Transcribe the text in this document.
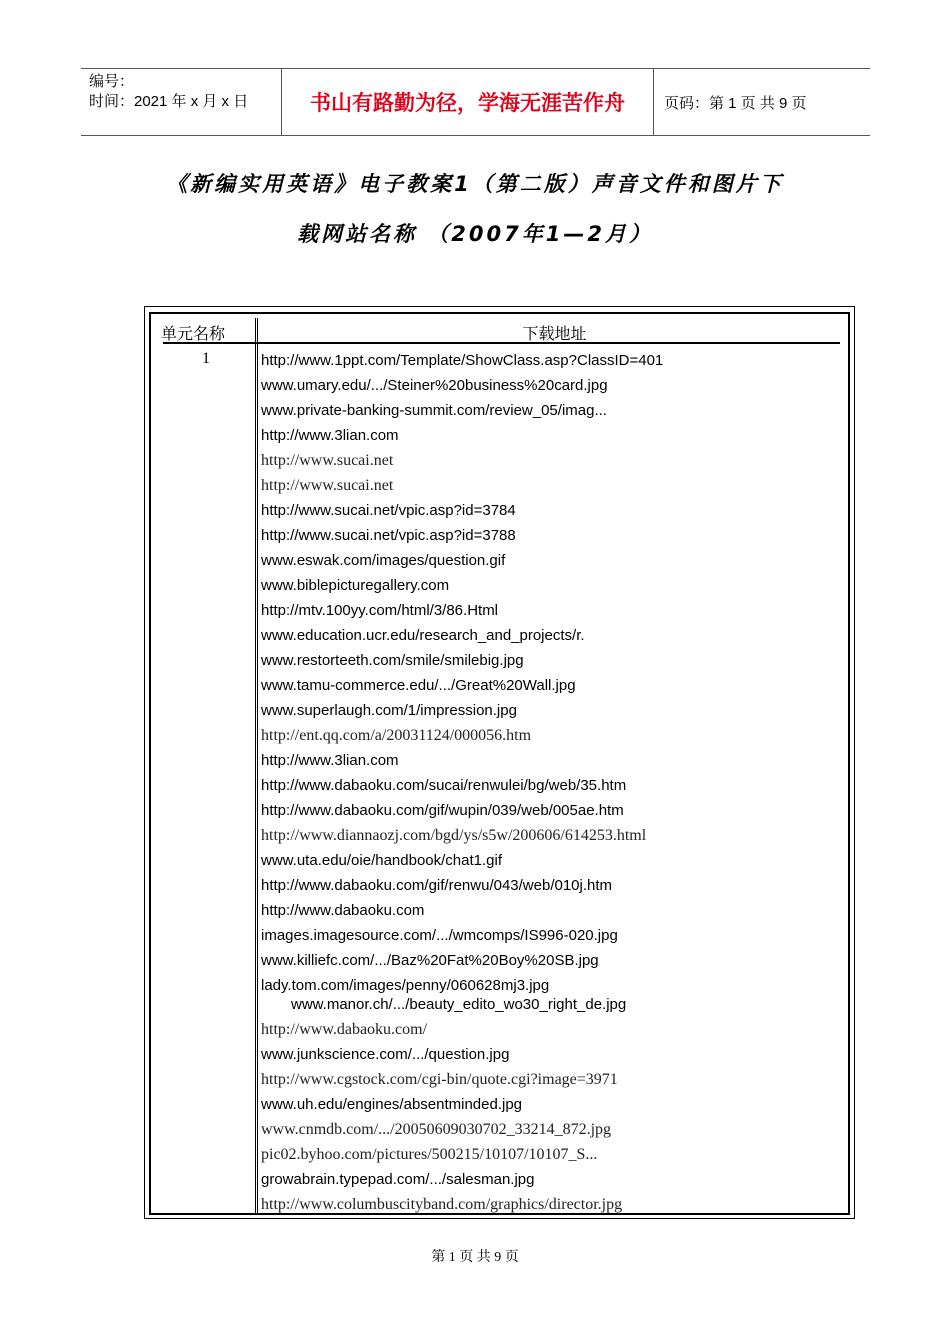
编号：
时间：2021 年 x 月 x 日	书山有路勤为径，学海无涯苦作舟	页码：第 1 页 共 9 页
《新编实用英语》电子教案1（第二版）声音文件和图片下
载网站名称 （2007年1—2月）
单元名称	下载地址
1	http://www.1ppt.com/Template/ShowClass.asp?ClassID=401
www.umary.edu/.../Steiner%20business%20card.jpg
www.private-banking-summit.com/review_05/imag...
http://www.3lian.com
http://www.sucai.net
http://www.sucai.net
http://www.sucai.net/vpic.asp?id=3784
http://www.sucai.net/vpic.asp?id=3788
www.eswak.com/images/question.gif
www.biblepicturegallery.com
http://mtv.100yy.com/html/3/86.Html
www.education.ucr.edu/research_and_projects/r.
www.restorteeth.com/smile/smilebig.jpg
www.tamu-commerce.edu/.../Great%20Wall.jpg
www.superlaugh.com/1/impression.jpg
http://ent.qq.com/a/20031124/000056.htm
http://www.3lian.com
http://www.dabaoku.com/sucai/renwulei/bg/web/35.htm
http://www.dabaoku.com/gif/wupin/039/web/005ae.htm
http://www.diannaozj.com/bgd/ys/s5w/200606/614253.html
www.uta.edu/oie/handbook/chat1.gif
http://www.dabaoku.com/gif/renwu/043/web/010j.htm
http://www.dabaoku.com
images.imagesource.com/.../wmcomps/IS996-020.jpg
www.killiefc.com/.../Baz%20Fat%20Boy%20SB.jpg
lady.tom.com/images/penny/060628mj3.jpg
www.manor.ch/.../beauty_edito_wo30_right_de.jpg
http://www.dabaoku.com/
www.junkscience.com/.../question.jpg
http://www.cgstock.com/cgi-bin/quote.cgi?image=3971
www.uh.edu/engines/absentminded.jpg
www.cnmdb.com/.../20050609030702_33214_872.jpg
pic02.byhoo.com/pictures/500215/10107/10107_S...
growabrain.typepad.com/.../salesman.jpg
http://www.columbuscityband.com/graphics/director.jpg
第 1 页 共 9 页
